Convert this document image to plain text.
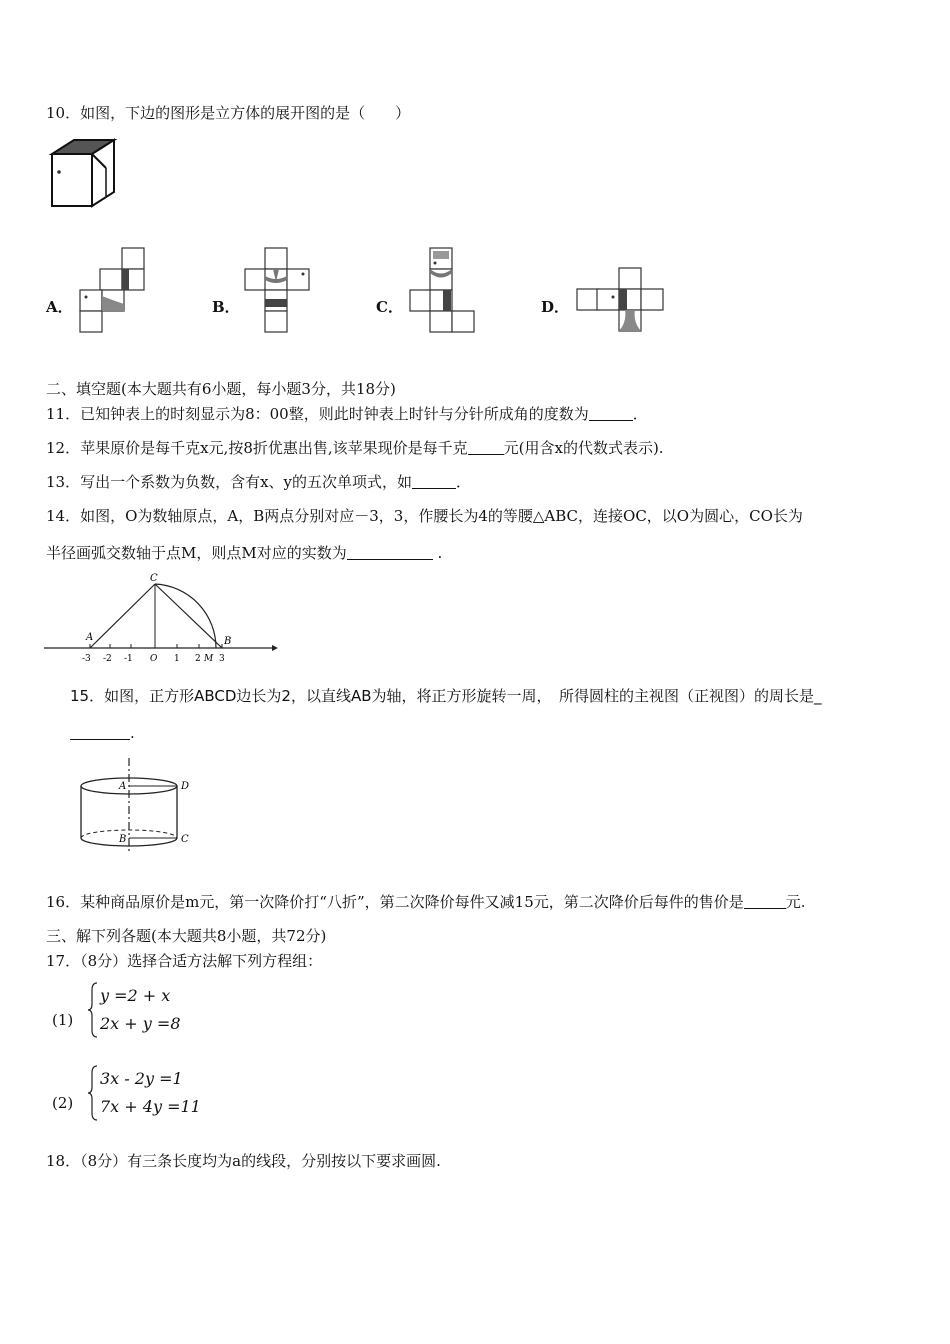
10．如图，下边的图形是立方体的展开图的是（　　）
A．	B．	C．	D．
二、填空题(本大题共有6小题，每小题3分，共18分)
11．已知钟表上的时刻显示为8：00整，则此时钟表上时针与分针所成角的度数为	．
12．苹果原价是每千克x元,按8折优惠出售,该苹果现价是每千克 元(用含x的代数式表示).
13．写出一个系数为负数，含有x、y的五次单项式，如	．
14．如图，O为数轴原点，A，B两点分别对应－3，3，作腰长为4的等腰△ABC，连接OC，以O为圆心，CO长为
半径画弧交数轴于点M，则点M对应的实数为	.
C
A	B
-3 -2 -1 O 1 2 M 3
15．如图，正方形ABCD边长为2，以直线AB为轴，将正方形旋转一周，　所得圆柱的主视图（正视图）的周长是_
.
A
B	C
D
16．某种商品原价是m元，第一次降价打“八折”，第二次降价每件又减15元，第二次降价后每件的售价是	元.
三、解下列各题(本大题共8小题，共72分)
17．（8分）选择合适方法解下列方程组：
(1)
y =2 + x
2x + y =8
(2)
3x - 2y =1
7x + 4y =11
18．（8分）有三条长度均为a的线段，分别按以下要求画圆.
